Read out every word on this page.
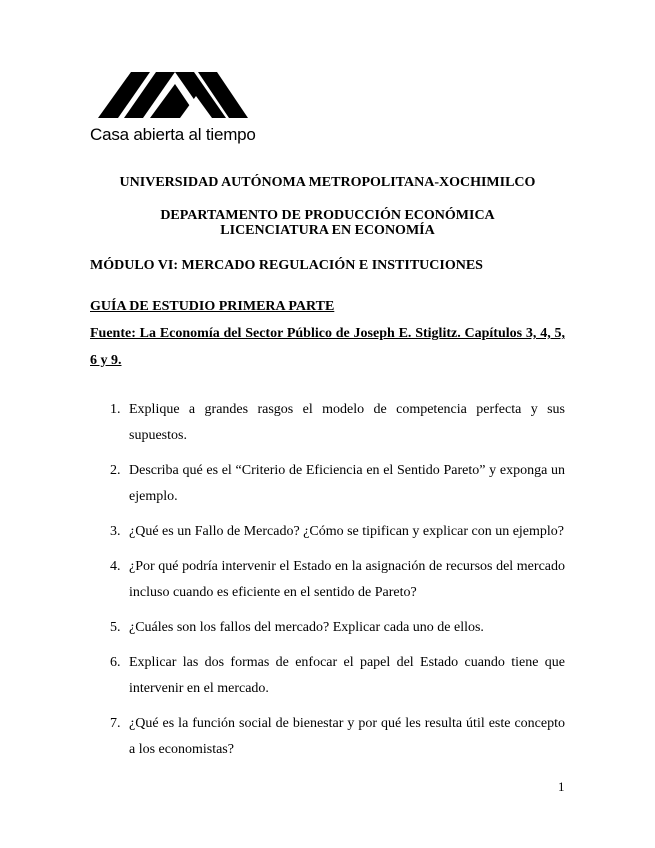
Casa abierta al tiempo
UNIVERSIDAD AUTÓNOMA METROPOLITANA-XOCHIMILCO
DEPARTAMENTO DE PRODUCCIÓN ECONÓMICA
LICENCIATURA EN ECONOMÍA
MÓDULO VI: MERCADO REGULACIÓN E INSTITUCIONES
GUÍA DE ESTUDIO PRIMERA PARTE
Fuente: La Economía del Sector Público de Joseph E. Stiglitz. Capítulos 3, 4, 5, 6 y 9.
1. Explique a grandes rasgos el modelo de competencia perfecta y sus supuestos.
2. Describa qué es el “Criterio de Eficiencia en el Sentido Pareto” y exponga un ejemplo.
3. ¿Qué es un Fallo de Mercado? ¿Cómo se tipifican y explicar con un ejemplo?
4. ¿Por qué podría intervenir el Estado en la asignación de recursos del mercado incluso cuando es eficiente en el sentido de Pareto?
5. ¿Cuáles son los fallos del mercado? Explicar cada uno de ellos.
6. Explicar las dos formas de enfocar el papel del Estado cuando tiene que intervenir en el mercado.
7. ¿Qué es la función social de bienestar y por qué les resulta útil este concepto a los economistas?
1
